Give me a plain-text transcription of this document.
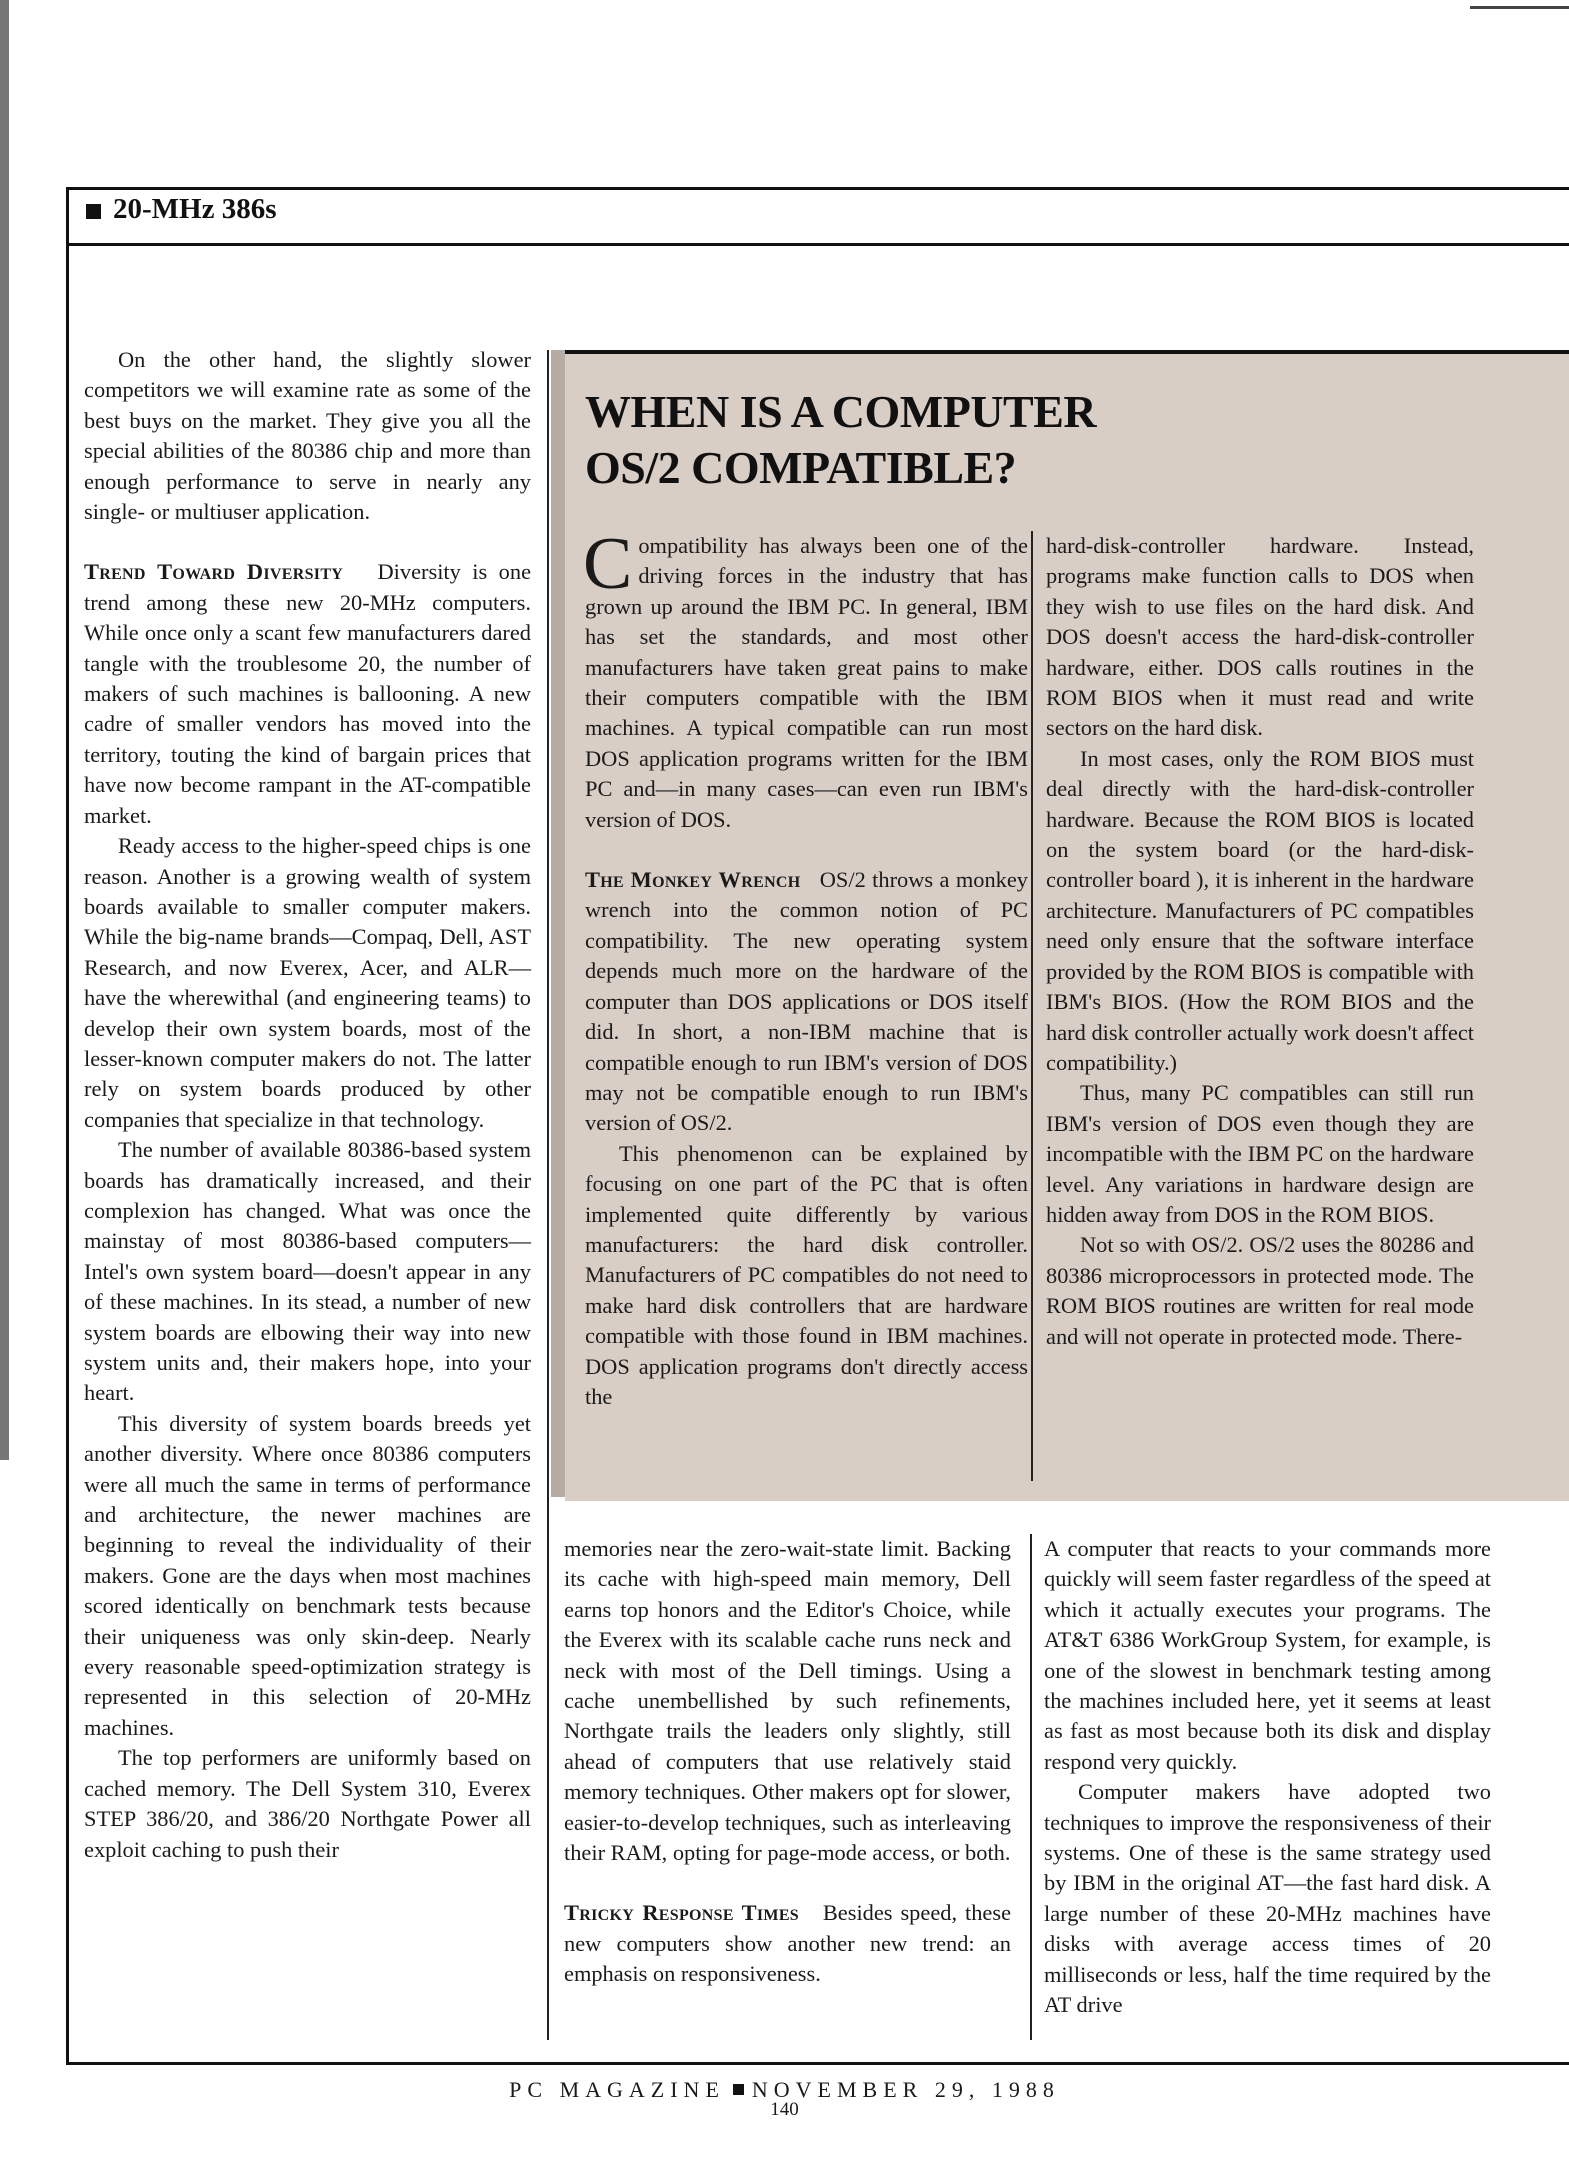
20-MHz 386s

On the other hand, the slightly slower competitors we will examine rate as some of the best buys on the market. They give you all the special abilities of the 80386 chip and more than enough performance to serve in nearly any single- or multiuser application.

Trend Toward Diversity Diversity is one trend among these new 20-MHz computers. While once only a scant few manufacturers dared tangle with the troublesome 20, the number of makers of such machines is ballooning. A new cadre of smaller vendors has moved into the territory, touting the kind of bargain prices that have now become rampant in the AT-compatible market.

Ready access to the higher-speed chips is one reason. Another is a growing wealth of system boards available to smaller computer makers. While the big-name brands—Compaq, Dell, AST Research, and now Everex, Acer, and ALR—have the wherewithal (and engineering teams) to develop their own system boards, most of the lesser-known computer makers do not. The latter rely on system boards produced by other companies that specialize in that technology.

The number of available 80386-based system boards has dramatically increased, and their complexion has changed. What was once the mainstay of most 80386-based computers—Intel's own system board—doesn't appear in any of these machines. In its stead, a number of new system boards are elbowing their way into new system units and, their makers hope, into your heart.

This diversity of system boards breeds yet another diversity. Where once 80386 computers were all much the same in terms of performance and architecture, the newer machines are beginning to reveal the individuality of their makers. Gone are the days when most machines scored identically on benchmark tests because their uniqueness was only skin-deep. Nearly every reasonable speed-optimization strategy is represented in this selection of 20-MHz machines.

The top performers are uniformly based on cached memory. The Dell System 310, Everex STEP 386/20, and 386/20 Northgate Power all exploit caching to push their

WHEN IS A COMPUTER
OS/2 COMPATIBLE?

Compatibility has always been one of the driving forces in the industry that has grown up around the IBM PC. In general, IBM has set the standards, and most other manufacturers have taken great pains to make their computers compatible with the IBM machines. A typical compatible can run most DOS application programs written for the IBM PC and—in many cases—can even run IBM's version of DOS.

The Monkey Wrench OS/2 throws a monkey wrench into the common notion of PC compatibility. The new operating system depends much more on the hardware of the computer than DOS applications or DOS itself did. In short, a non-IBM machine that is compatible enough to run IBM's version of DOS may not be compatible enough to run IBM's version of OS/2.

This phenomenon can be explained by focusing on one part of the PC that is often implemented quite differently by various manufacturers: the hard disk controller. Manufacturers of PC compatibles do not need to make hard disk controllers that are hardware compatible with those found in IBM machines. DOS application programs don't directly access the

hard-disk-controller hardware. Instead, programs make function calls to DOS when they wish to use files on the hard disk. And DOS doesn't access the hard-disk-controller hardware, either. DOS calls routines in the ROM BIOS when it must read and write sectors on the hard disk.

In most cases, only the ROM BIOS must deal directly with the hard-disk-controller hardware. Because the ROM BIOS is located on the system board (or the hard-disk-controller board ), it is inherent in the hardware architecture. Manufacturers of PC compatibles need only ensure that the software interface provided by the ROM BIOS is compatible with IBM's BIOS. (How the ROM BIOS and the hard disk controller actually work doesn't affect compatibility.)

Thus, many PC compatibles can still run IBM's version of DOS even though they are incompatible with the IBM PC on the hardware level. Any variations in hardware design are hidden away from DOS in the ROM BIOS.

Not so with OS/2. OS/2 uses the 80286 and 80386 microprocessors in protected mode. The ROM BIOS routines are written for real mode and will not operate in protected mode. There-

memories near the zero-wait-state limit. Backing its cache with high-speed main memory, Dell earns top honors and the Editor's Choice, while the Everex with its scalable cache runs neck and neck with most of the Dell timings. Using a cache unembellished by such refinements, Northgate trails the leaders only slightly, still ahead of computers that use relatively staid memory techniques. Other makers opt for slower, easier-to-develop techniques, such as interleaving their RAM, opting for page-mode access, or both.

Tricky Response Times Besides speed, these new computers show another new trend: an emphasis on responsiveness.

A computer that reacts to your commands more quickly will seem faster regardless of the speed at which it actually executes your programs. The AT&T 6386 WorkGroup System, for example, is one of the slowest in benchmark testing among the machines included here, yet it seems at least as fast as most because both its disk and display respond very quickly.

Computer makers have adopted two techniques to improve the responsiveness of their systems. One of these is the same strategy used by IBM in the original AT—the fast hard disk. A large number of these 20-MHz machines have disks with average access times of 20 milliseconds or less, half the time required by the AT drive

PC MAGAZINE NOVEMBER 29, 1988
140
